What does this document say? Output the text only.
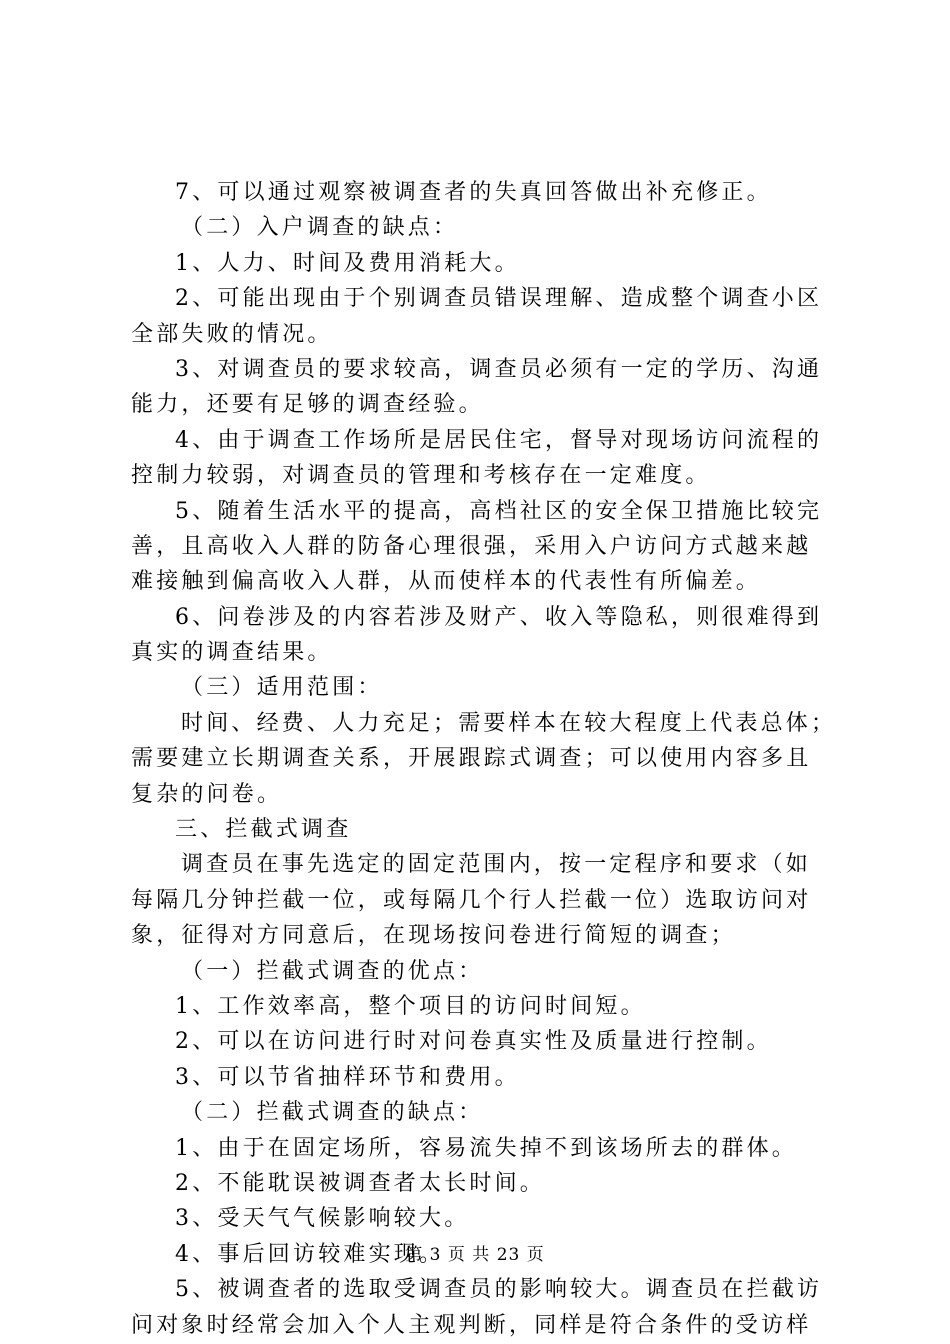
7、可以通过观察被调查者的失真回答做出补充修正。
（二）入户调查的缺点：
1、人力、时间及费用消耗大。
2、可能出现由于个别调查员错误理解、造成整个调查小区
全部失败的情况。
3、对调查员的要求较高，调查员必须有一定的学历、沟通
能力，还要有足够的调查经验。
4、由于调查工作场所是居民住宅，督导对现场访问流程的
控制力较弱，对调查员的管理和考核存在一定难度。
5、随着生活水平的提高，高档社区的安全保卫措施比较完
善，且高收入人群的防备心理很强，采用入户访问方式越来越
难接触到偏高收入人群，从而使样本的代表性有所偏差。
6、问卷涉及的内容若涉及财产、收入等隐私，则很难得到
真实的调查结果。
（三）适用范围：
时间、经费、人力充足；需要样本在较大程度上代表总体；
需要建立长期调查关系，开展跟踪式调查；可以使用内容多且
复杂的问卷。
三、拦截式调查
调查员在事先选定的固定范围内，按一定程序和要求（如
每隔几分钟拦截一位，或每隔几个行人拦截一位）选取访问对
象，征得对方同意后，在现场按问卷进行简短的调查；
（一）拦截式调查的优点：
1、工作效率高，整个项目的访问时间短。
2、可以在访问进行时对问卷真实性及质量进行控制。
3、可以节省抽样环节和费用。
（二）拦截式调查的缺点：
1、由于在固定场所，容易流失掉不到该场所去的群体。
2、不能耽误被调查者太长时间。
3、受天气气候影响较大。
4、事后回访较难实现。
5、被调查者的选取受调查员的影响较大。调查员在拦截访
问对象时经常会加入个人主观判断，同样是符合条件的受访样
第 3 页 共 23 页
